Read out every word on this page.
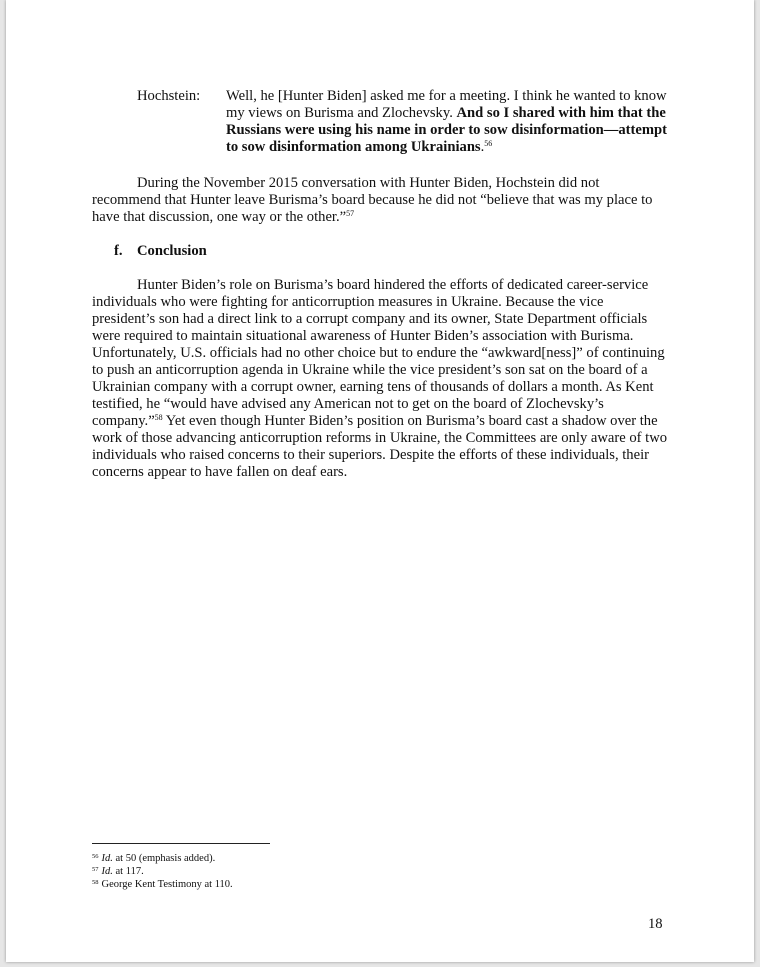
Hochstein: Well, he [Hunter Biden] asked me for a meeting. I think he wanted to know my views on Burisma and Zlochevsky. And so I shared with him that the Russians were using his name in order to sow disinformation—attempt to sow disinformation among Ukrainians.$^{56}$

During the November 2015 conversation with Hunter Biden, Hochstein did not recommend that Hunter leave Burisma’s board because he did not “believe that was my place to have that discussion, one way or the other.”$^{57}$

f. Conclusion

Hunter Biden’s role on Burisma’s board hindered the efforts of dedicated career-service individuals who were fighting for anticorruption measures in Ukraine. Because the vice president’s son had a direct link to a corrupt company and its owner, State Department officials were required to maintain situational awareness of Hunter Biden’s association with Burisma. Unfortunately, U.S. officials had no other choice but to endure the “awkward[ness]” of continuing to push an anticorruption agenda in Ukraine while the vice president’s son sat on the board of a Ukrainian company with a corrupt owner, earning tens of thousands of dollars a month. As Kent testified, he “would have advised any American not to get on the board of Zlochevsky’s company.”$^{58}$ Yet even though Hunter Biden’s position on Burisma’s board cast a shadow over the work of those advancing anticorruption reforms in Ukraine, the Committees are only aware of two individuals who raised concerns to their superiors. Despite the efforts of these individuals, their concerns appear to have fallen on deaf ears.

$^{56}$ Id. at 50 (emphasis added).
$^{57}$ Id. at 117.
$^{58}$ George Kent Testimony at 110.
18
